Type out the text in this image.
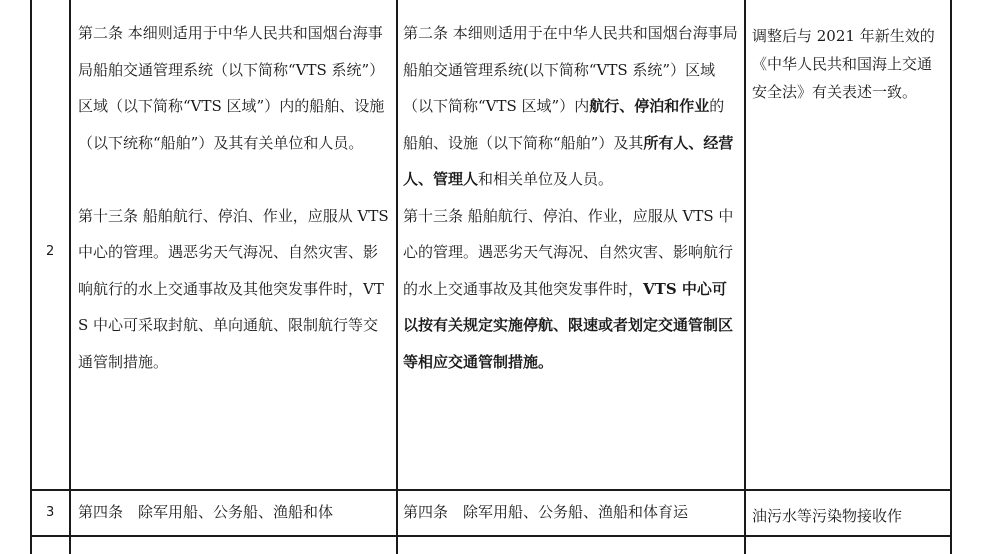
2

第二条 本细则适用于中华人民共和国烟台海事局船舶交通管理系统（以下简称“VTS 系统”）区域（以下简称“VTS 区域”）内的船舶、设施（以下统称“船舶”）及其有关单位和人员。

第十三条 船舶航行、停泊、作业，应服从 VTS 中心的管理。遇恶劣天气海况、自然灾害、影响航行的水上交通事故及其他突发事件时，VTS 中心可采取封航、单向通航、限制航行等交通管制措施。

第二条 本细则适用于在中华人民共和国烟台海事局船舶交通管理系统(以下简称“VTS 系统”）区域（以下简称“VTS 区域”）内航行、停泊和作业的船舶、设施（以下简称“船舶”）及其所有人、经营人、管理人和相关单位及人员。

第十三条 船舶航行、停泊、作业，应服从 VTS 中心的管理。遇恶劣天气海况、自然灾害、影响航行的水上交通事故及其他突发事件时，VTS 中心可以按有关规定实施停航、限速或者划定交通管制区等相应交通管制措施。

调整后与 2021 年新生效的《中华人民共和国海上交通安全法》有关表述一致。
3 第四条　除军用船、公务船、渔船和体	第四条　除军用船、公务船、渔船和体育运	油污水等污染物接收作
